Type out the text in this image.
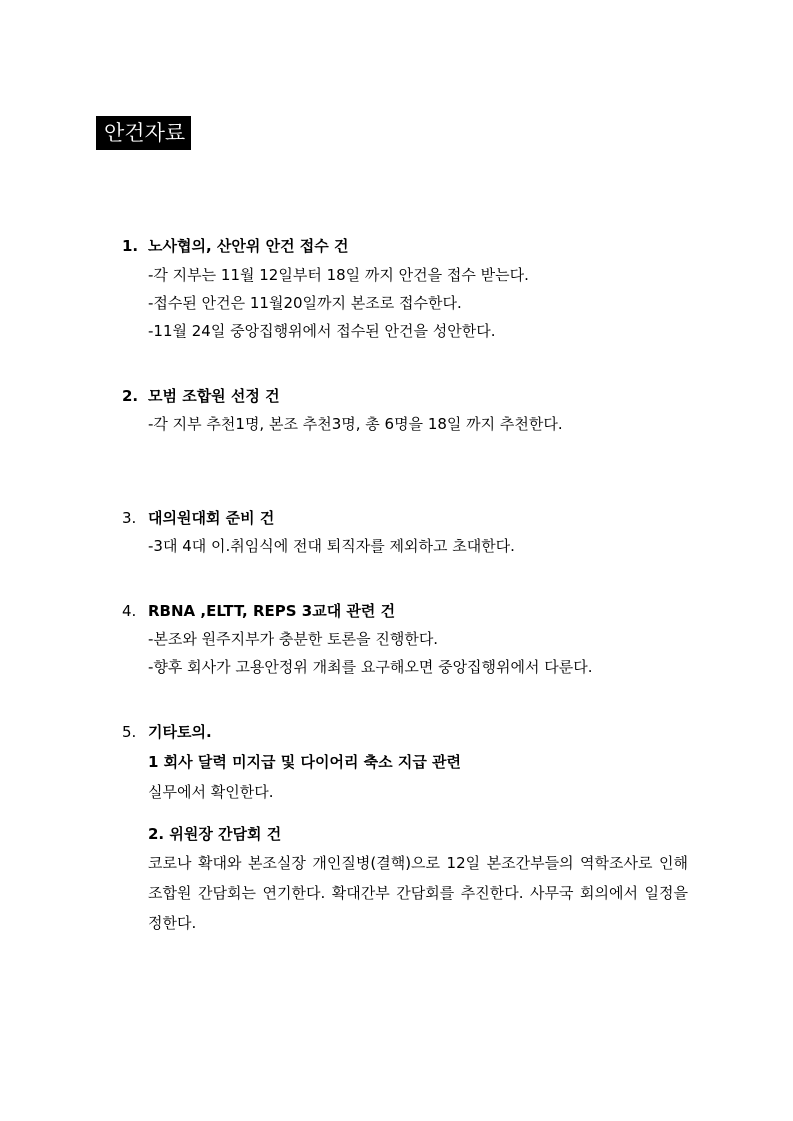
안건자료
1. 노사협의, 산안위 안건 접수 건
-각 지부는 11월 12일부터 18일 까지 안건을 접수 받는다.
-접수된 안건은 11월20일까지 본조로 접수한다.
-11월 24일 중앙집행위에서 접수된 안건을 성안한다.
2. 모범 조합원 선정 건
-각 지부 추천1명, 본조 추천3명, 총 6명을 18일 까지 추천한다.
3. 대의원대회 준비 건
-3대 4대 이.취임식에 전대 퇴직자를 제외하고 초대한다.
4. RBNA ,ELTT, REPS 3교대 관련 건
-본조와 원주지부가 충분한 토론을 진행한다.
-향후 회사가 고용안정위 개최를 요구해오면 중앙집행위에서 다룬다.
5. 기타토의.
1 회사 달력 미지급 및 다이어리 축소 지급 관련
실무에서 확인한다.
2. 위원장 간담회 건
코로나 확대와 본조실장 개인질병(결핵)으로 12일 본조간부들의 역학조사로 인해 조합원 간담회는 연기한다. 확대간부 간담회를 추진한다. 사무국 회의에서 일정을 정한다.
